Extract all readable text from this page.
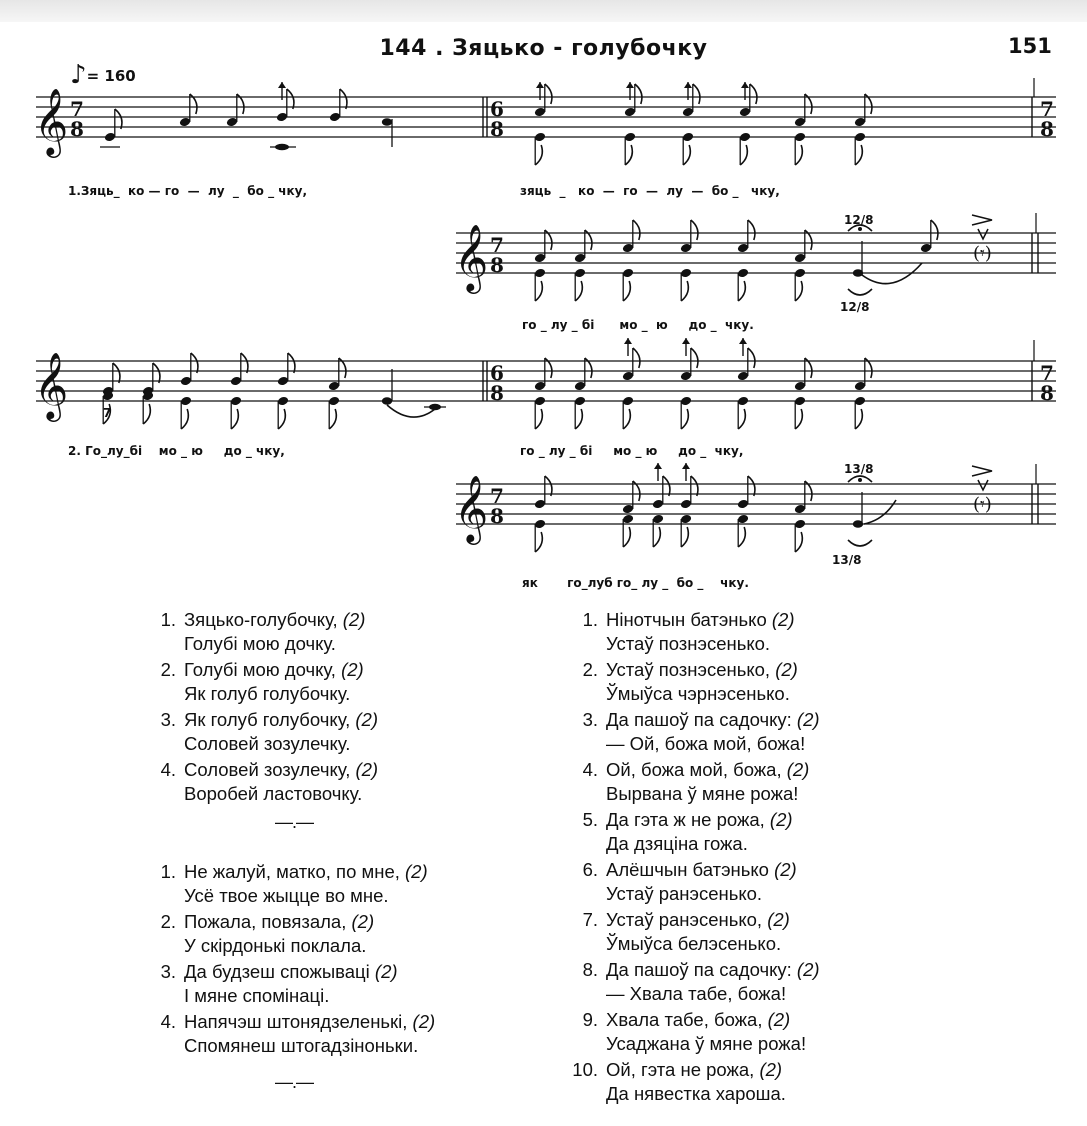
144 . Зяцько - голубочку	151
♪= 160
𝄞 7
8
6
8
7
8
𝄞 7
8	(𝄾)
𝄞	6
8
7
8
𝄞 7
8	(𝄾)
1.Зяць_  ко — го  —  лу  _  бо _ чку,	зяць  _   ко  —  го  —  лу  —  бо _   чку,
го _ лу _ бі      мо _  ю     до _  чку.
2. Го_лу_бі    мо _ ю     до _ чку,	го _ лу _ бі     мо _ ю     до _  чку,
як       го_луб го_ лу _  бо _    чку.
12/8
12/8
13/8
13/8
7
1. Зяцько-голубочку, (2)
Голубі мою дочку.
2. Голубі мою дочку, (2)
Як голуб голубочку.
3. Як голуб голубочку, (2)
Соловей зозулечку.
4. Соловей зозулечку, (2)
Воробей ластовочку.
—.—
1. Не жалуй, матко, по мне, (2)
Усё твое жыцце во мне.
2. Пожала, повязала, (2)
У скірдонькі поклала.
3. Да будзеш спожываці (2)
І мяне спомінаці.
4. Напячэш штонядзеленькі, (2)
Спомянеш штогадзіноньки.
—.—
1. Нінотчын батэнько (2)
Устаў познэсенько.
2. Устаў познэсенько, (2)
Ўмыўса чэрнэсенько.
3. Да пашоў па садочку: (2)
— Ой, божа мой, божа!
4. Ой, божа мой, божа, (2)
Вырвана ў мяне рожа!
5. Да гэта ж не рожа, (2)
Да дзяціна гожа.
6. Алёшчын батэнько (2)
Устаў ранэсенько.
7. Устаў ранэсенько, (2)
Ўмыўса белэсенько.
8. Да пашоў па садочку: (2)
— Хвала табе, божа!
9. Хвала табе, божа, (2)
Усаджана ў мяне рожа!
10. Ой, гэта не рожа, (2)
Да нявестка хароша.
